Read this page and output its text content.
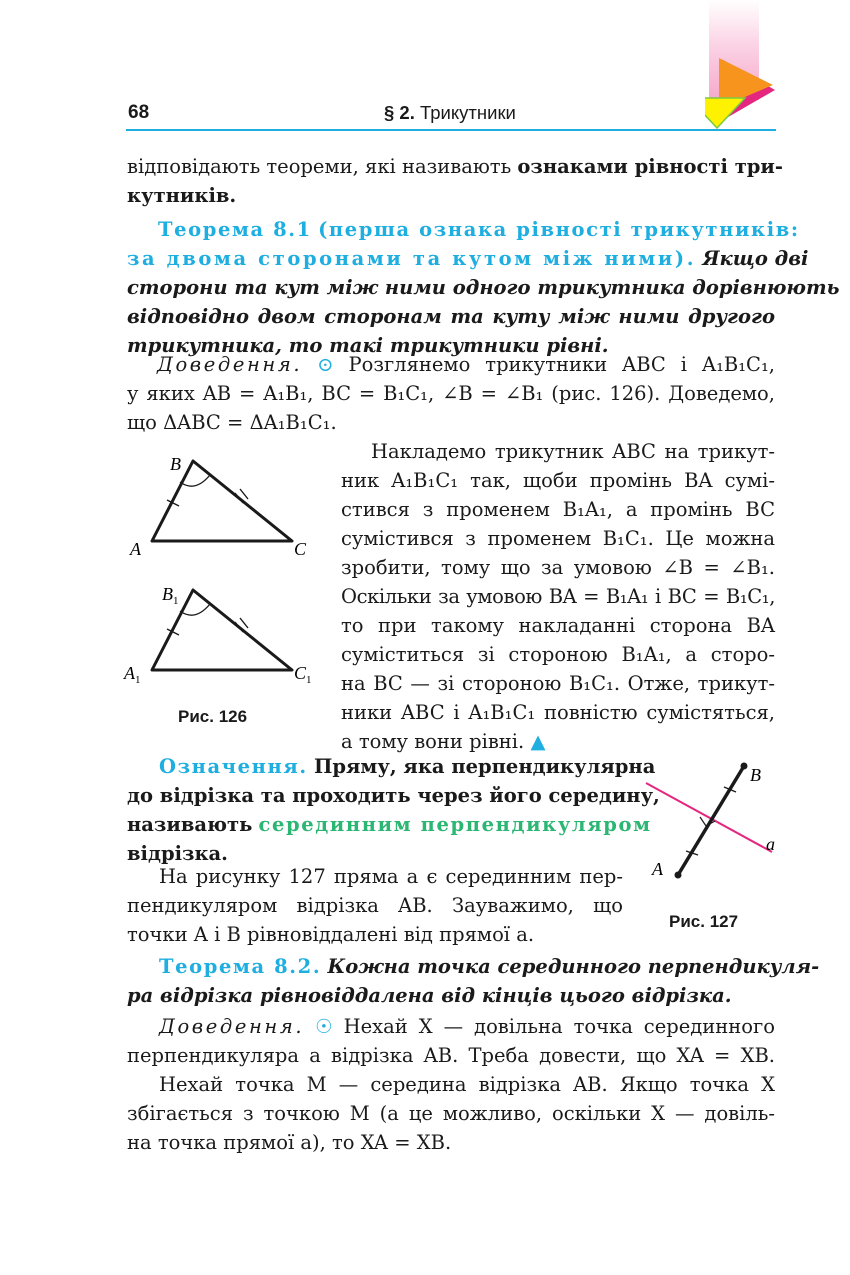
68	§ 2. Трикутники
відповідають теореми, які називають ознаками рівності три-
кутників.
Теорема 8.1 (перша ознака рівності трикутників:
за двома сторонами та кутом між ними). Якщо дві
сторони та кут між ними одного трикутника дорівнюють
відповідно двом сторонам та куту між ними другого
трикутника, то такі трикутники рівні.
Доведення. ⊙ Розглянемо трикутники ABC і A₁B₁C₁,
у яких AB = A₁B₁, BC = B₁C₁, ∠B = ∠B₁ (рис. 126). Доведемо,
що ΔABC = ΔA₁B₁C₁.
B
A	C
$B_1$
$A_1$	$C_1$
Рис. 126
Накладемо трикутник ABC на трикут-
ник A₁B₁C₁ так, щоби промінь BA сумі-
стився з променем B₁A₁, а промінь BC
сумістився з променем B₁C₁. Це можна
зробити, тому що за умовою ∠B = ∠B₁.
Оскільки за умовою BA = B₁A₁ і BC = B₁C₁,
то при такому накладанні сторона BA
суміститься зі стороною B₁A₁, а сторо-
на BC — зі стороною B₁C₁. Отже, трикут-
ники ABC і A₁B₁C₁ повністю сумістяться,
а тому вони рівні. ▲
Означення. Пряму, яка перпендикулярна
до відрізка та проходить через його середину,
називають серединним перпендикуляром
відрізка.
На рисунку 127 пряма a є серединним пер-
пендикуляром відрізка AB. Зауважимо, що
точки A і B рівновіддалені від прямої a.
B
A
a
Рис. 127
Теорема 8.2. Кожна точка серединного перпендикуля-
ра відрізка рівновіддалена від кінців цього відрізка.
Доведення. ☉ Нехай X — довільна точка серединного
перпендикуляра a відрізка AB. Треба довести, що XA = XB.
Нехай точка M — середина відрізка AB. Якщо точка X
збігається з точкою M (а це можливо, оскільки X — довіль-
на точка прямої a), то XA = XB.
